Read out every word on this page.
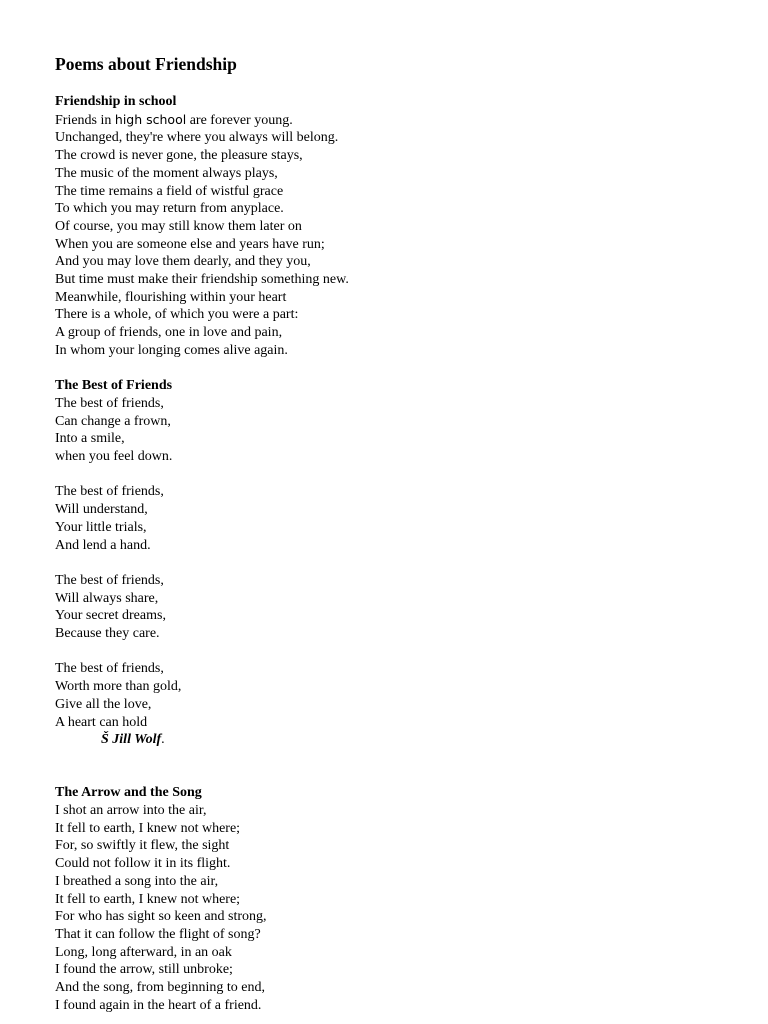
Poems about Friendship
Friendship in school
Friends in high school are forever young.
Unchanged, they're where you always will belong.
The crowd is never gone, the pleasure stays,
The music of the moment always plays,
The time remains a field of wistful grace
To which you may return from anyplace.
Of course, you may still know them later on
When you are someone else and years have run;
And you may love them dearly, and they you,
But time must make their friendship something new.
Meanwhile, flourishing within your heart
There is a whole, of which you were a part:
A group of friends, one in love and pain,
In whom your longing comes alive again.
The Best of Friends
The best of friends,
Can change a frown,
Into a smile,
when you feel down.
The best of friends,
Will understand,
Your little trials,
And lend a hand.
The best of friends,
Will always share,
Your secret dreams,
Because they care.
The best of friends,
Worth more than gold,
Give all the love,
A heart can hold
Š Jill Wolf.
The Arrow and the Song
I shot an arrow into the air,
It fell to earth, I knew not where;
For, so swiftly it flew, the sight
Could not follow it in its flight.
I breathed a song into the air,
It fell to earth, I knew not where;
For who has sight so keen and strong,
That it can follow the flight of song?
Long, long afterward, in an oak
I found the arrow, still unbroke;
And the song, from beginning to end,
I found again in the heart of a friend.
